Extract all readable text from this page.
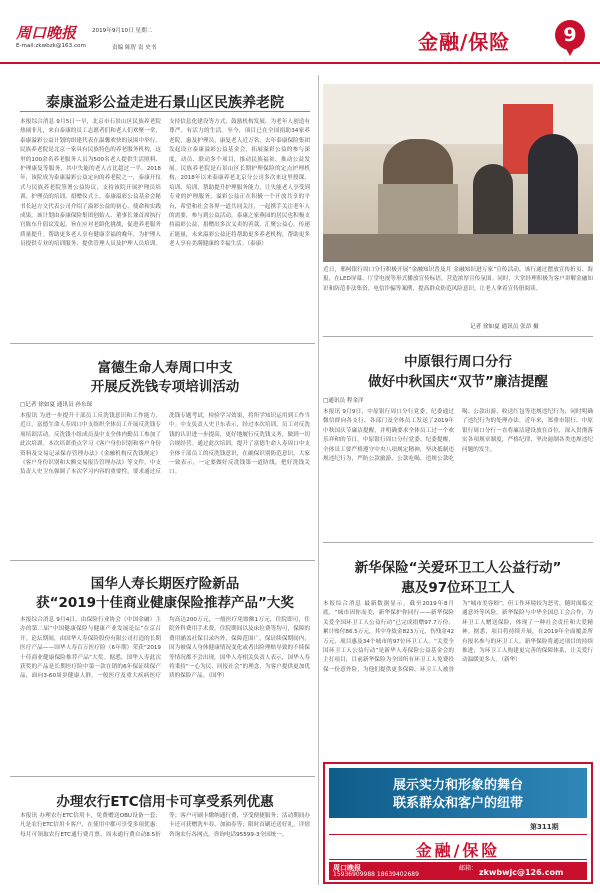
周口晚报	2019年9月10日 星期二
E-mail:zkwbzk@163.com	责编 陈智 责 史书	金融/保险	9
泰康溢彩公益走进石景山区民族养老院
本报综合消息 9月5日一早，北京市石景山区民族养老院热闹非凡，来自泰康的员工志愿者们和老人们欢聚一堂，泰康溢彩公益计划的组建代表在温馨欢快的氛围中举行。民族养老院是北京一家具有民族特色的养老服务机构，这里的100余名养老服务人员为500名老人提供生活照料、护理康复等服务，其中失能的老人占比超过一半。2018年，该院成为泰康溢彩公益定向的养老院之一，泰康开仪式与民族养老院签署公益协议，支持该院开展护理员培训、护理员的培训。捐赠仪式上，泰康溢彩公益基金会秘书长赵方文代表公司介绍了溢彩公益的初心、使命和实践成果。该计划由泰康保险集团创始人、董事长兼首席执行官陈东升倡议发起，旨在应对老龄化挑战，促进养老服务质量提升。帮助更多老人享有健康幸福的晚年，为护理人员提供专业的培训服务、提供管理人员及护理人员培训。支持信息化建设等方式，鼓励机构发展，为老年人创造有尊严、有活力的生活。至今，项目已在全国捐助34家养老院，惠及护理员、康复老人近万名。去年泰康保险集团发起设立泰康溢彩公益基金会，拓展溢彩公益的参与深度，动员、联动多个项目，推动民族福祉，推动公益发展。民族养老院是石景山区长期护理保险的定点护理机构，2018年以来泰康养老北京分公司多次来这里授课、培训、培训，帮助提升护理服务能力，让失能老人享受到专业的护理服务。溢彩公益正在积极一个开放共享的平台，希望和社会各界一道共同关注，一起携手关注老年人的需要，参与到公益活动。泰康之家燕园的居民也积极支持溢彩公益，捐赠出多次义卖的善款。汇聚公益心，传递正能量，未来溢彩公益还将帮助更多养老机构，帮助更多老人享有美满健康的幸福生活。（泰康）
富德生命人寿周口中支
开展反洗钱专项培训活动
□记者 徐如夏 通讯员 孙东琛
本报讯 为进一步提升干部员工反洗钱意识和工作能力，近日，富德生命人寿周口中支组织全体员工开展反洗钱专项培训活动。反洗钱小组成员及中支全体内勤员工参加了此次培训。本次培训重点学习《客户身份识别和客户身份资料及交易记录保存管理办法》《金融机构反洗钱规定》《客户身份识别和大额交易报告管理办法》等文件，中支负责人史卫东强调了本次学习内容的重要性，要求通过反洗钱专题考试，检验学习效果，将所学知识运用到工作当中。中支负责人史卫东表示，经过本次培训，员工对反洗钱的认识进一步提高，更好地履行反洗钱义务，做到一切合规经营。通过此次培训，提升了富德生命人寿周口中支全体干部员工的反洗钱意识，在确保识别防范意识，大家一致表示，一定要做好反洗钱第一道防线，把好洗钱关口。
国华人寿长期医疗险新品
获“2019十佳商业健康保险推荐产品”大奖
本报综合消息 9月4日，由保险行业协会（中国金融）主办的第二届“中国健康保险与健康产业发展论坛”在京召开。论坛期间，由国华人寿保险股份有限公司打造的长期医疗产品——国华人寿百万医疗险（6年期）荣获“2019十佳商业健康保险推荐产品”大奖。据悉，国华人寿此次获奖的产品是长期医疗险中第一款在销的6年保证续保产品，面向3-60周岁健康人群，一般医疗及重大疾病医疗均高达200万元，一般医疗免赔额1万元，住院即可，住院外科费用手术费、住院期间以及床位费等均可，保障的费用涵盖社保目录内外，保障范围广，保证续保期间内，因为被保人身体健康情况变化或者出险理赔导致的不续保等情况都不会出现。国华人寿相关负责人表示，国华人寿将秉持“一心为民、回报社会”的理念，为客户提供更加优质的保险产品。（国华）
办理农行ETC信用卡可享受系列优惠
本报讯 办理农行ETC信用卡，免费赠送OBU设备一套；凡是农行ETC信用卡客户，在使用中都可享受多项优惠：每月可领取农行ETC通行费月票、周末通行费自动8.5折等；客户可刷卡缴纳通行费，享受便捷服务；活动期间办卡还可获赠洗车券、加油券等；限时首刷还送好礼。详情咨询农行各网点，咨询电话95599-3全国统一。
近日，邢柯银行周口分行积极开展“金融知识普及月 金融知识进万家”宣传活动，该行通过摆放宣传折页、海报，在LED屏幕、厅堂电视等形式播放宣传标语，营造浓厚宣传氛围。同时，大堂经理积极为客户讲解金融知识和防范非法集资、电信诈骗等案例，提高群众防范风险意识。让老人拿着宣传册阅读。
记者 徐如夏 通讯员 张昂 摄
中原银行周口分行
做好中秋国庆“双节”廉洁提醒
□通讯员 程金洋
本报讯 9月9日，中原银行周口分行党委，纪委通过微信群向各支行、各部门及全体员工发送了2019年中秋国庆节廉洁提醒，并明确要求全体员工过一个欢乐祥和的节日。中原银行周口分行党委、纪委提醒，全体员工要严格遵守中央八项规定精神，坚决抵制违规违纪行为，严防公款旅游、公款吃喝、违规公款吃喝、公款出游、收送红包等违规违纪行为，同时明确了违纪行为的处理办法。近年来，郑重市银行、中原银行周口分行一直将廉洁建设放在首位，深入贯彻落实各项规章制度，严格纪律，坚决遏制各类违规违纪问题的发生。
新华保险“关爱环卫工人公益行动”
惠及97位环卫工人
本报综合消息 最新数据显示，截至2019年8月底，“城市因你而美，新华保护你同行——新华保险关爱全国环卫工人公益行动”已完成捐赠97.7万份，累计赔付86.5万元，其中身故金823万元，伤残金42万元，项目惠及34个城市的97位环卫工人。“关爱全国环卫工人公益行动”是新华人寿保险公益基金会的主打项目，目前新华保险为全国所有环卫工人免费投保一份意外险，为他们提供更多保障。环卫工人被誉为“城市美容师”，但工作环境较为恶劣，随时面临交通意外等风险。新华保险与中华全国总工会合作，为环卫工人赠送保险，体现了一种社会责任和大爱精神。据悉，项目将持续开展，在2019年全面覆盖所有报名参与的环卫工人。新华保险将通过项目的持续推进，为环卫工人构建更完善的保障体系，让关爱行动温暖更多人。（新华）
展示实力和形象的舞台
联系群众和客户的纽带
第311期
金融/保险
周口晚报
15936909988 18639402689
邮箱： zkwbwjc@126.com
